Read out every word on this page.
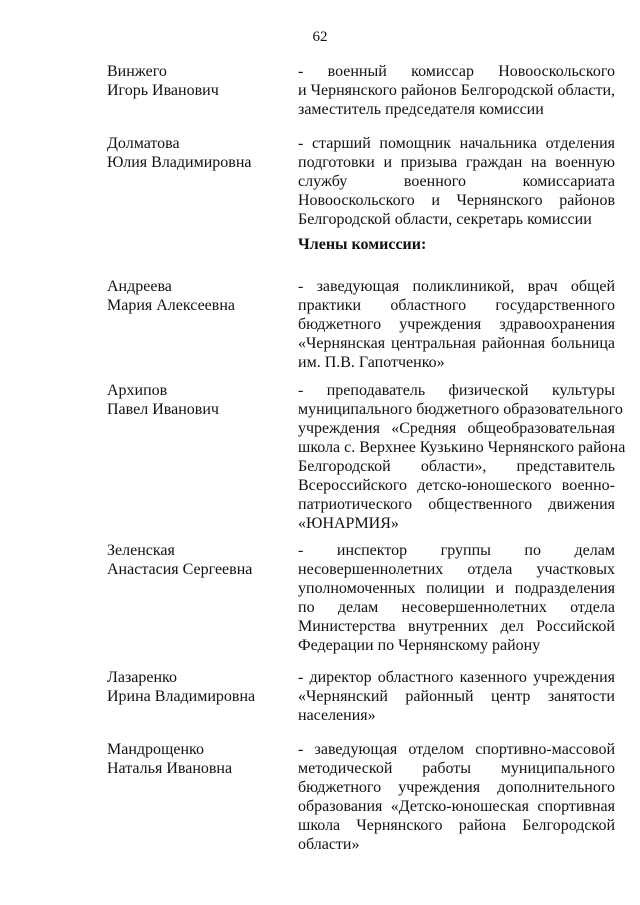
62
Винжего
Игорь Иванович
- военный комиссар Новооскольского
и Чернянского районов Белгородской области,
заместитель председателя комиссии
Долматова
Юлия Владимировна
- старший помощник начальника отделения
подготовки и призыва граждан на военную
службу военного комиссариата
Новооскольского и Чернянского районов
Белгородской области, секретарь комиссии
Члены комиссии:
Андреева
Мария Алексеевна
- заведующая поликлиникой, врач общей
практики областного государственного
бюджетного учреждения здравоохранения
«Чернянская центральная районная больница
им. П.В. Гапотченко»
Архипов
Павел Иванович
- преподаватель физической культуры
муниципального бюджетного образовательного
учреждения «Средняя общеобразовательная
школа с. Верхнее Кузькино Чернянского района
Белгородской области», представитель
Всероссийского детско-юношеского военно-
патриотического общественного движения
«ЮНАРМИЯ»
Зеленская
Анастасия Сергеевна
- инспектор группы по делам
несовершеннолетних отдела участковых
уполномоченных полиции и подразделения
по делам несовершеннолетних отдела
Министерства внутренних дел Российской
Федерации по Чернянскому району
Лазаренко
Ирина Владимировна
- директор областного казенного учреждения
«Чернянский районный центр занятости
населения»
Мандрощенко
Наталья Ивановна
- заведующая отделом спортивно-массовой
методической работы муниципального
бюджетного учреждения дополнительного
образования «Детско-юношеская спортивная
школа Чернянского района Белгородской
области»
